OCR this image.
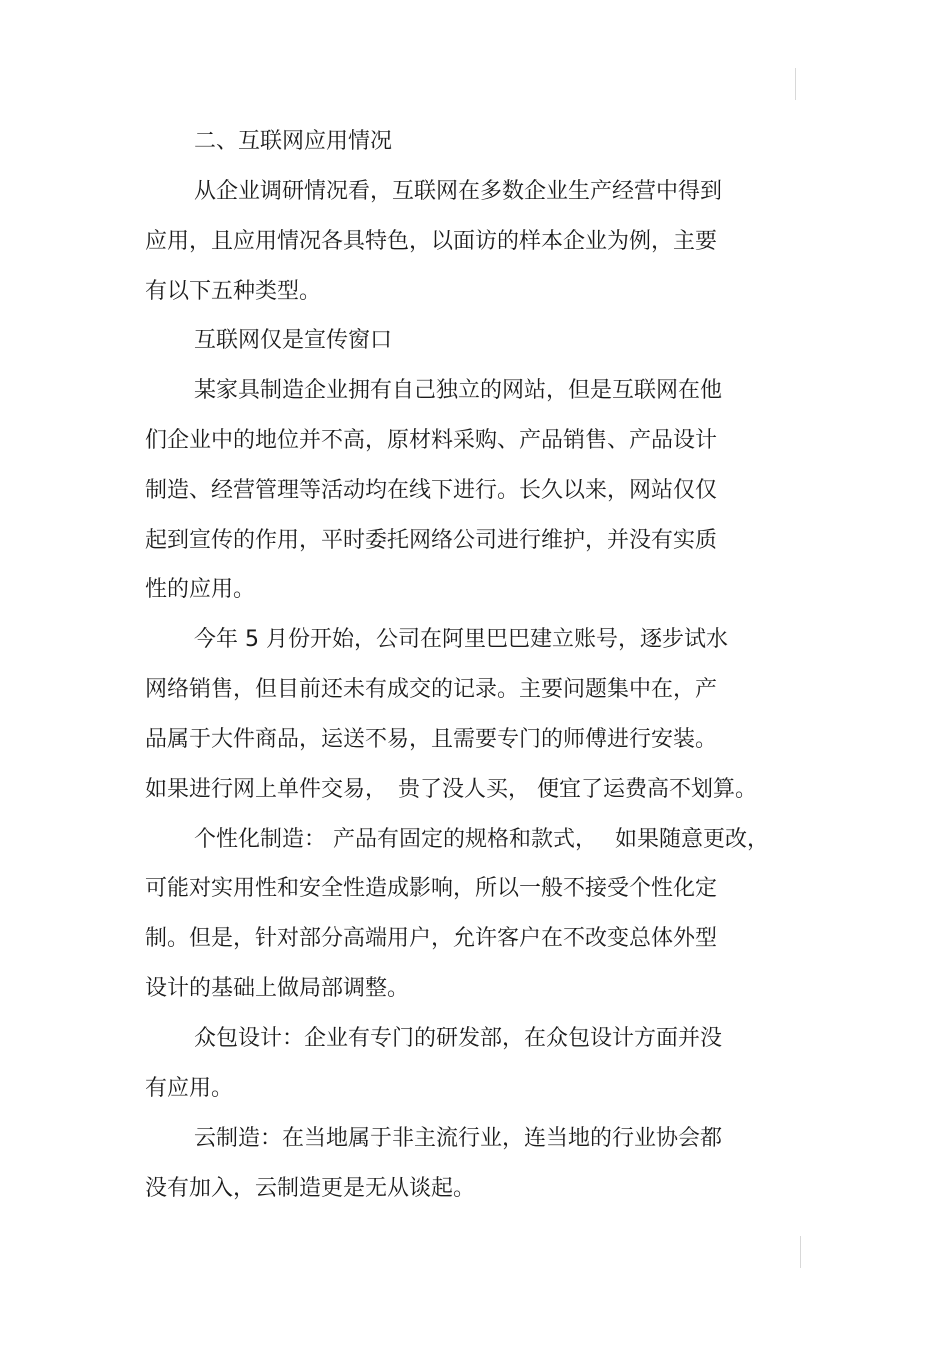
二、互联网应用情况
从企业调研情况看，互联网在多数企业生产经营中得到
应用，且应用情况各具特色，以面访的样本企业为例，主要
有以下五种类型。
互联网仅是宣传窗口
某家具制造企业拥有自己独立的网站，但是互联网在他
们企业中的地位并不高，原材料采购、产品销售、产品设计
制造、经营管理等活动均在线下进行。长久以来，网站仅仅
起到宣传的作用，平时委托网络公司进行维护，并没有实质
性的应用。
今年 5 月份开始，公司在阿里巴巴建立账号，逐步试水
网络销售，但目前还未有成交的记录。主要问题集中在，产
品属于大件商品，运送不易，且需要专门的师傅进行安装。
如果进行网上单件交易，　贵了没人买， 便宜了运费高不划算。
个性化制造： 产品有固定的规格和款式，　 如果随意更改，
可能对实用性和安全性造成影响，所以一般不接受个性化定
制。但是，针对部分高端用户，允许客户在不改变总体外型
设计的基础上做局部调整。
众包设计：企业有专门的研发部，在众包设计方面并没
有应用。
云制造：在当地属于非主流行业，连当地的行业协会都
没有加入，云制造更是无从谈起。
